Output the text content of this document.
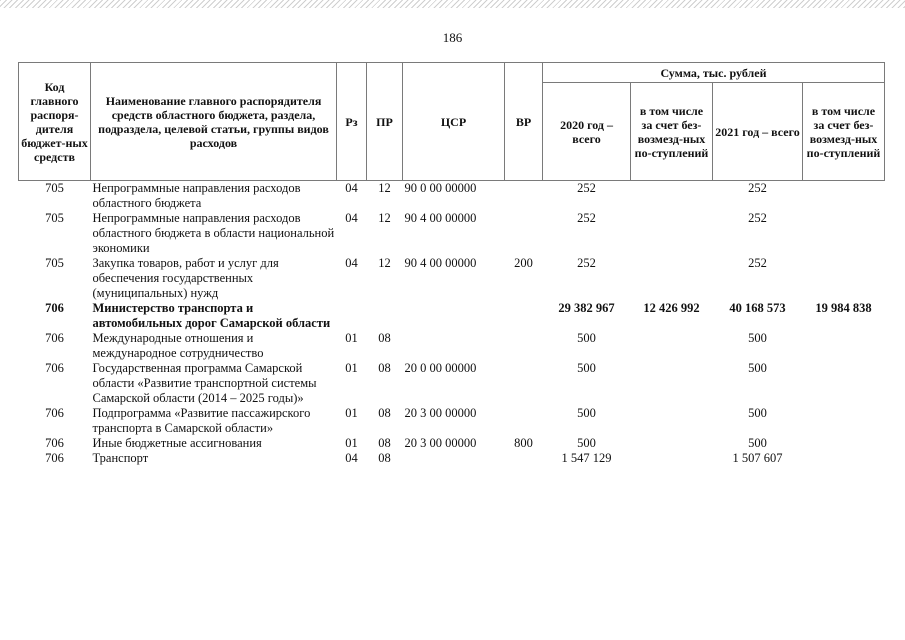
186
Код главного распоря-дителя бюджет-ных средств	Наименование главного распорядителя средств областного бюджета, раздела, подраздела, целевой статьи, группы видов расходов	Рз	ПР	ЦСР	ВР	Сумма, тыс. рублей			
						2020 год – всего	в том числе за счет без-возмезд-ных по-ступлений	2021 год – всего	в том числе за счет без-возмезд-ных по-ступлений
705	Непрограммные направления расходов областного бюджета	04	12	90 0 00 00000		252		252	
705	Непрограммные направления расходов областного бюджета в области национальной экономики	04	12	90 4 00 00000		252		252	
705	Закупка товаров, работ и услуг для обеспечения государственных (муниципальных) нужд	04	12	90 4 00 00000	200	252		252	
706	Министерство транспорта и автомобильных дорог Самарской области					29 382 967	12 426 992	40 168 573	19 984 838
706	Международные отношения и международное сотрудничество	01	08			500		500	
706	Государственная программа Самарской области «Развитие транспортной системы Самарской области (2014 – 2025 годы)»	01	08	20 0 00 00000		500		500	
706	Подпрограмма «Развитие пассажирского транспорта в Самарской области»	01	08	20 3 00 00000		500		500	
706	Иные бюджетные ассигнования	01	08	20 3 00 00000	800	500		500	
706	Транспорт	04	08			1 547 129		1 507 607	
